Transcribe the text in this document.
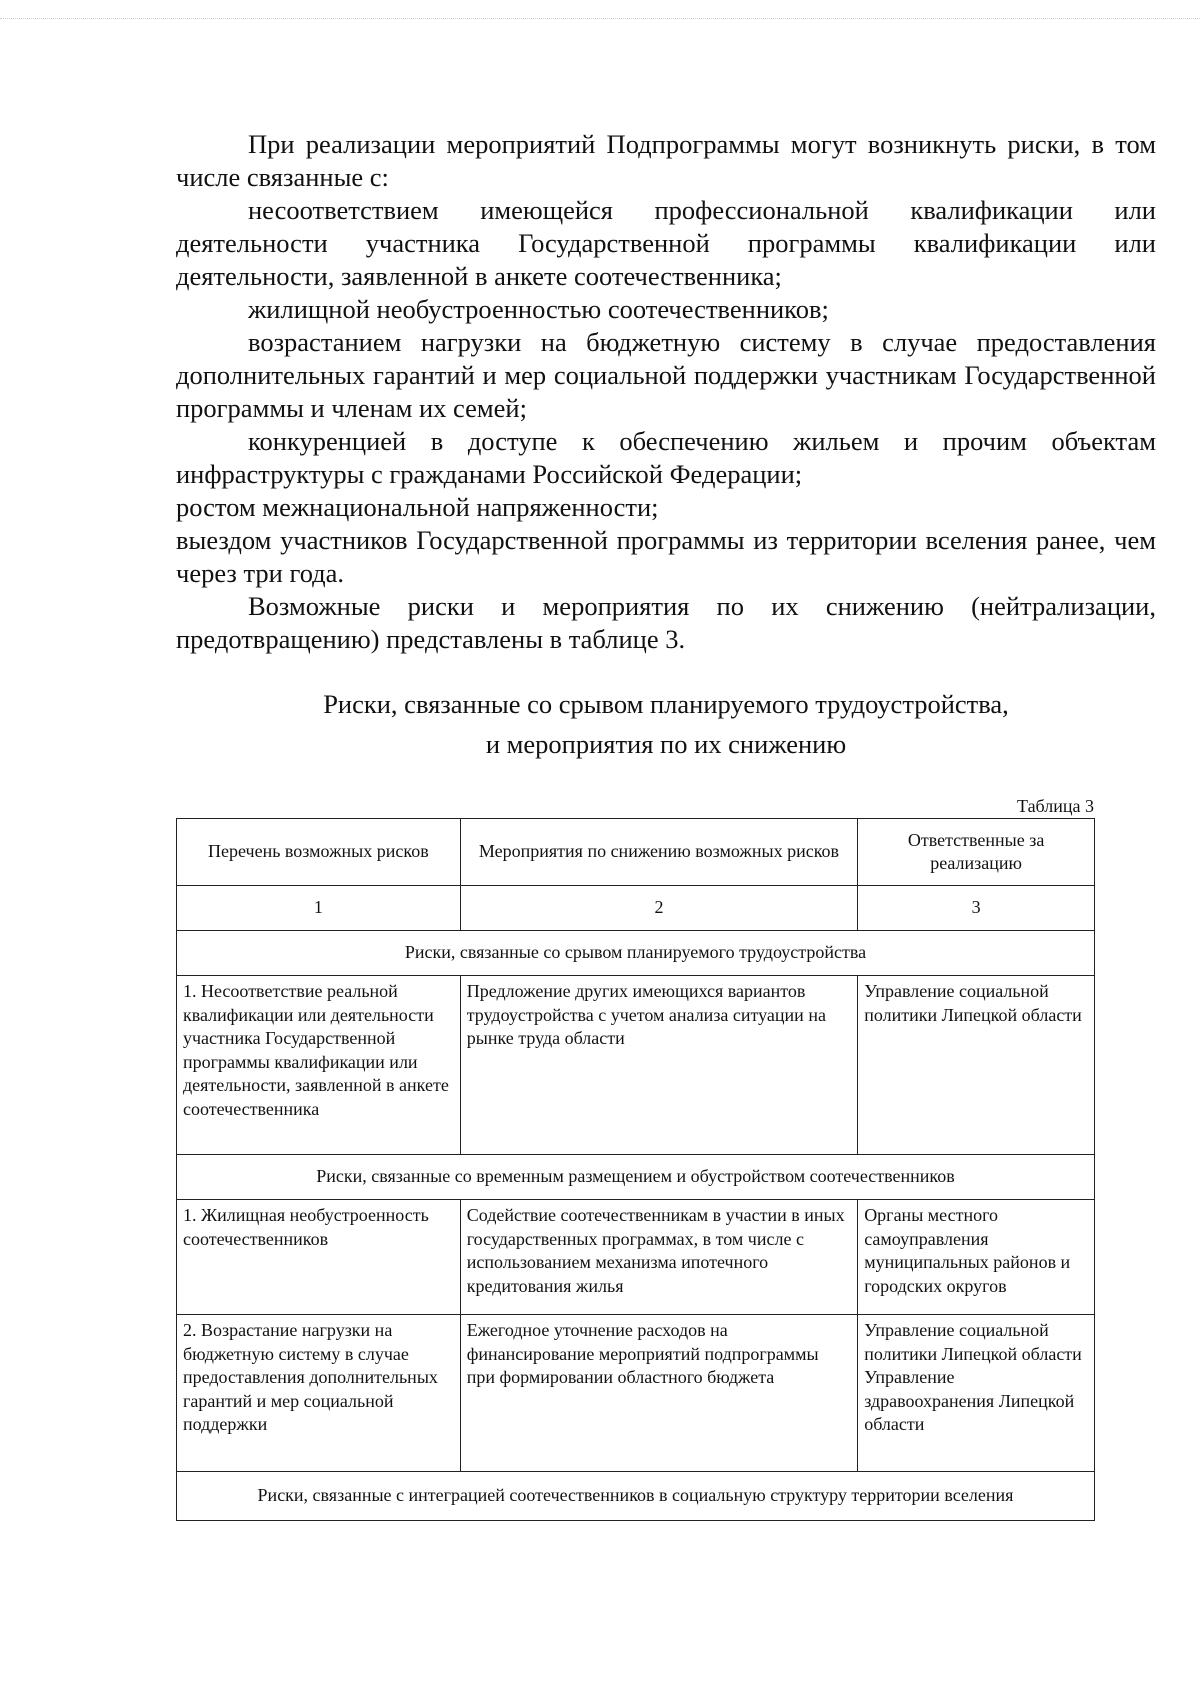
При реализации мероприятий Подпрограммы могут возникнуть риски, в том числе связанные с:

несоответствием имеющейся профессиональной квалификации или деятельности участника Государственной программы квалификации или деятельности, заявленной в анкете соотечественника;

жилищной необустроенностью соотечественников;

возрастанием нагрузки на бюджетную систему в случае предоставления дополнительных гарантий и мер социальной поддержки участникам Государственной программы и членам их семей;

конкуренцией в доступе к обеспечению жильем и прочим объектам инфраструктуры с гражданами Российской Федерации;

ростом межнациональной напряженности;

выездом участников Государственной программы из территории вселения ранее, чем через три года.

Возможные риски и мероприятия по их снижению (нейтрализации, предотвращению) представлены в таблице 3.

Риски, связанные со срывом планируемого трудоустройства,
и мероприятия по их снижению
Таблица 3
Перечень возможных рисков	Мероприятия по снижению возможных рисков	Ответственные за реализацию
1	2	3
Риски, связанные со срывом планируемого трудоустройства		
1. Несоответствие реальной квалификации или деятельности участника Государственной программы квалификации или деятельности, заявленной в анкете соотечественника	Предложение других имеющихся вариантов трудоустройства с учетом анализа ситуации на рынке труда области	Управление социальной политики Липецкой области
Риски, связанные со временным размещением и обустройством соотечественников		
1. Жилищная необустроенность соотечественников	Содействие соотечественникам в участии в иных государственных программах, в том числе с использованием механизма ипотечного кредитования жилья	Органы местного самоуправления муниципальных районов и городских округов
2. Возрастание нагрузки на бюджетную систему в случае предоставления дополнительных гарантий и мер социальной поддержки	Ежегодное уточнение расходов на финансирование мероприятий подпрограммы при формировании областного бюджета	Управление социальной политики Липецкой области
Управление здравоохранения Липецкой области

Риски, связанные с интеграцией соотечественников в социальную структуру территории вселения		
